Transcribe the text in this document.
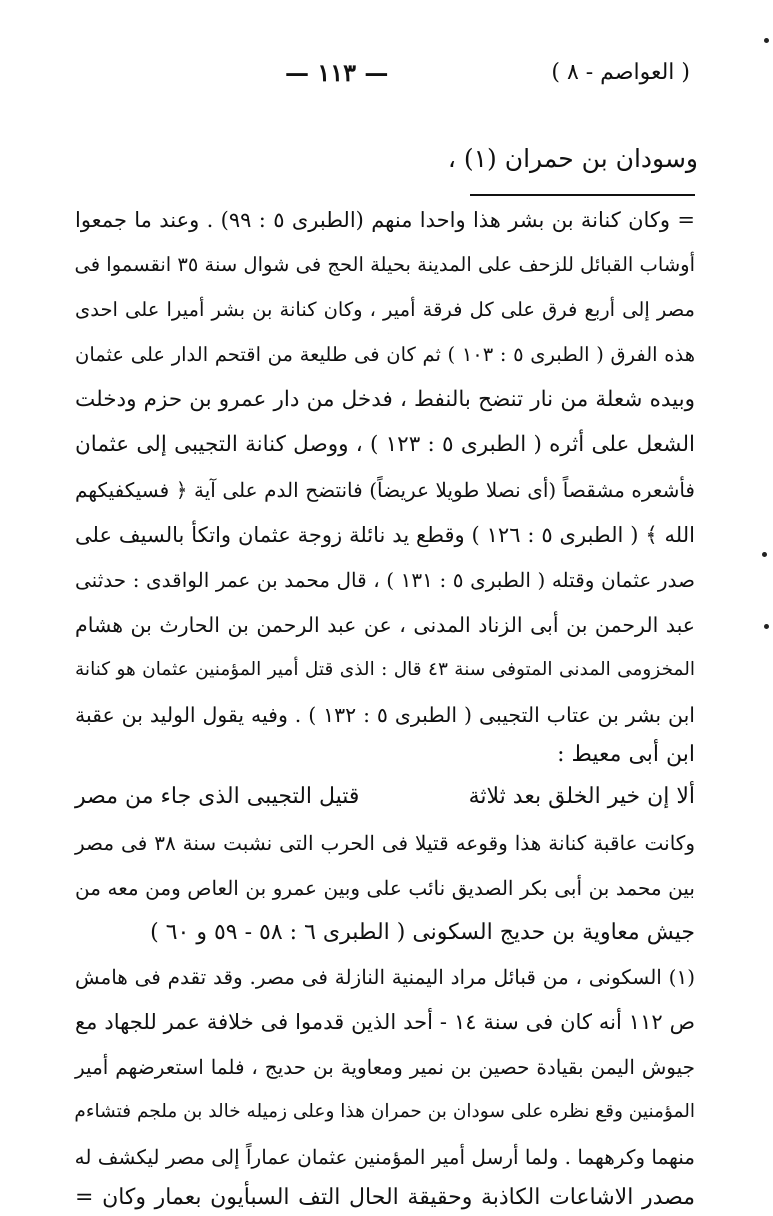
( العواصم - ٨ )
— ١١٣ —
وسودان بن حمران (١) ،
= وكان كنانة بن بشر هذا واحدا منهم (الطبرى ٥ : ٩٩) . وعند ما جمعوا
أوشاب القبائل للزحف على المدينة بحيلة الحج فى شوال سنة ٣٥ انقسموا فى
مصر إلى أربع فرق على كل فرقة أمير ، وكان كنانة بن بشر أميرا على احدى
هذه الفرق ( الطبرى ٥ : ١٠٣ ) ثم كان فى طليعة من اقتحم الدار على عثمان
وبيده شعلة من نار تنضح بالنفط ، فدخل من دار عمرو بن حزم ودخلت
الشعل على أثره ( الطبرى ٥ : ١٢٣ ) ، ووصل كنانة التجيبى إلى عثمان
فأشعره مشقصاً (أى نصلا طويلا عريضاً) فانتضح الدم على آية ﴿ فسيكفيكهم
الله ﴾ ( الطبرى ٥ : ١٢٦ ) وقطع يد نائلة زوجة عثمان واتكأ بالسيف على
صدر عثمان وقتله ( الطبرى ٥ : ١٣١ ) ، قال محمد بن عمر الواقدى : حدثنى
عبد الرحمن بن أبى الزناد المدنى ، عن عبد الرحمن بن الحارث بن هشام
المخزومى المدنى المتوفى سنة ٤٣ قال : الذى قتل أمير المؤمنين عثمان هو كنانة
ابن بشر بن عتاب التجيبى ( الطبرى ٥ : ١٣٢ ) . وفيه يقول الوليد بن عقبة
ابن أبى معيط :
ألا إن خير الخلق بعد ثلاثة
قتيل التجيبى الذى جاء من مصر
وكانت عاقبة كنانة هذا وقوعه قتيلا فى الحرب التى نشبت سنة ٣٨ فى مصر
بين محمد بن أبى بكر الصديق نائب على وبين عمرو بن العاص ومن معه من
جيش معاوية بن حديج السكونى ( الطبرى ٦ : ٥٨ - ٥٩ و ٦٠ )
(١) السكونى ، من قبائل مراد اليمنية النازلة فى مصر. وقد تقدم فى هامش
ص ١١٢ أنه كان فى سنة ١٤ - أحد الذين قدموا فى خلافة عمر للجهاد مع
جيوش اليمن بقيادة حصين بن نمير ومعاوية بن حديج ، فلما استعرضهم أمير
المؤمنين وقع نظره على سودان بن حمران هذا وعلى زميله خالد بن ملجم فتشاءم
منهما وكرههما . ولما أرسل أمير المؤمنين عثمان عماراً إلى مصر ليكشف له
مصدر الاشاعات الكاذبة وحقيقة الحال التف السبأيون بعمار وكان =
